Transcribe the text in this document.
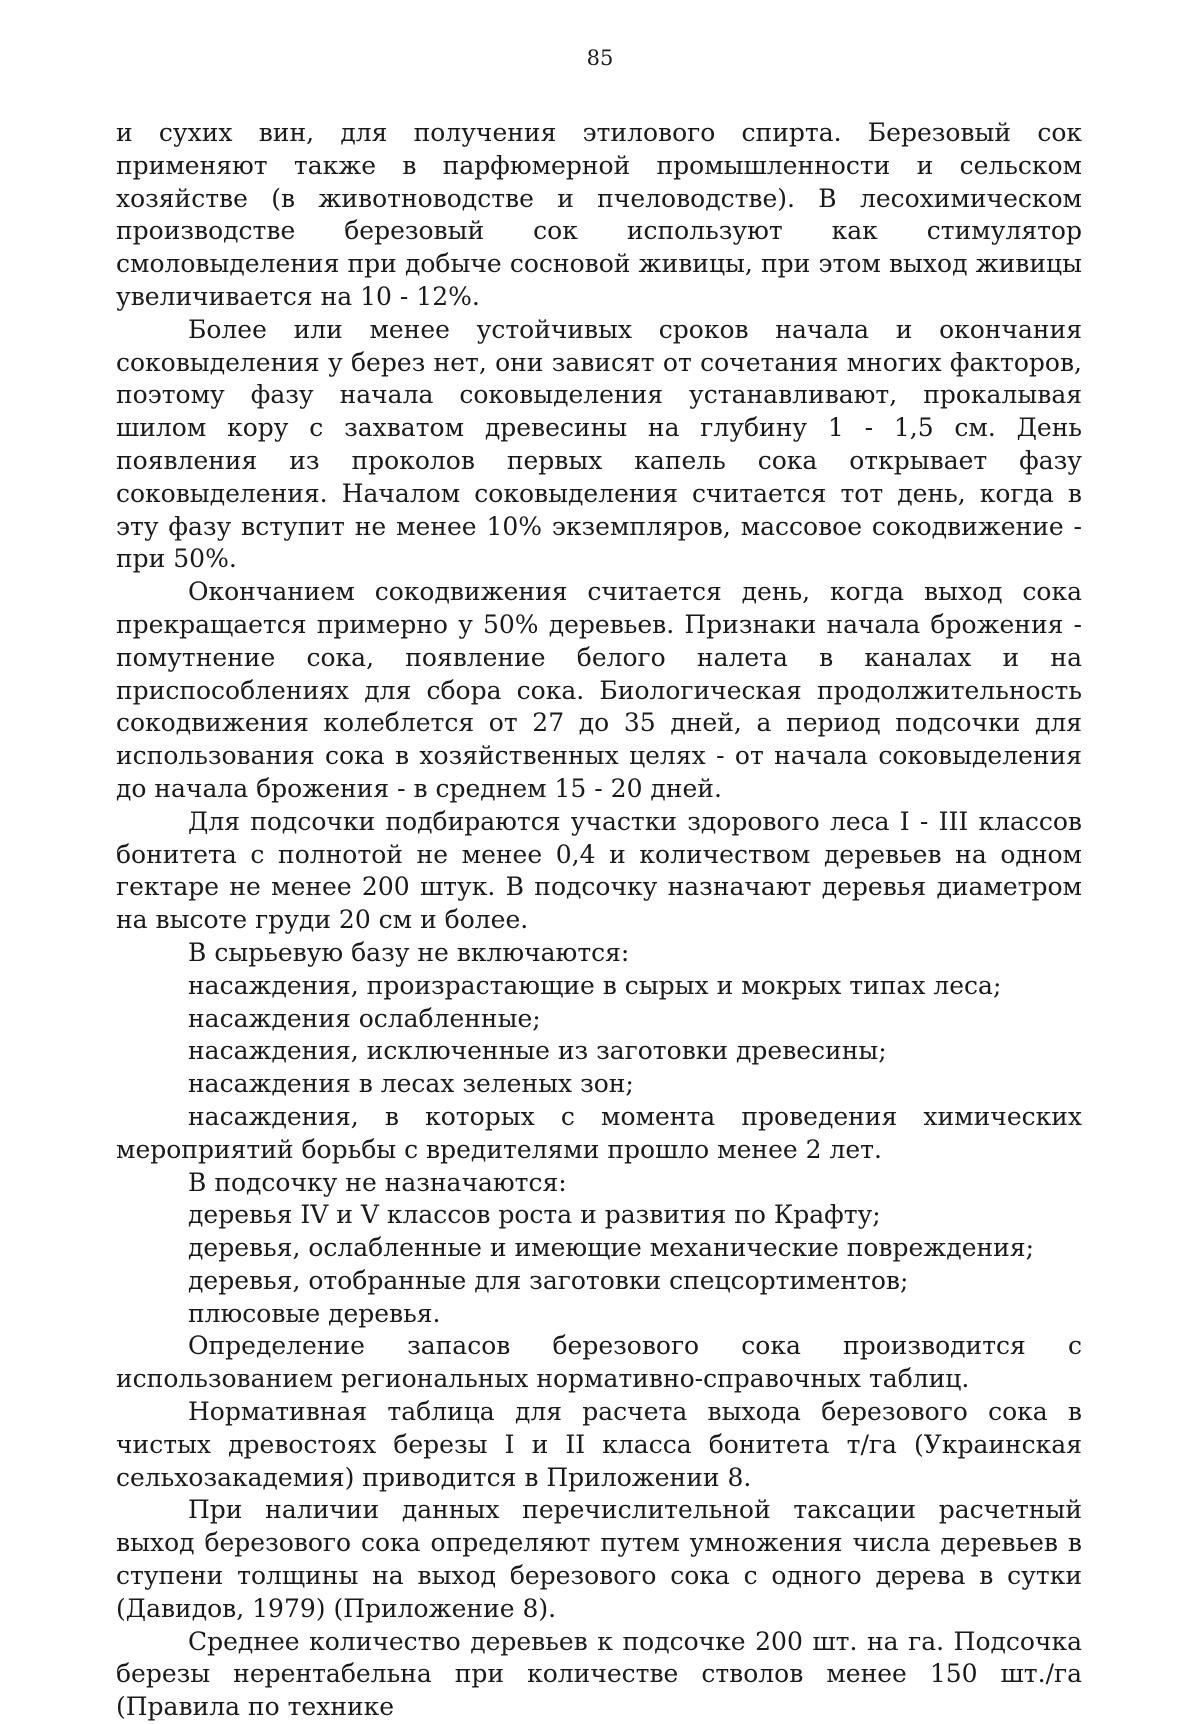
85

и сухих вин, для получения этилового спирта. Березовый сок применяют также в парфюмерной промышленности и сельском хозяйстве (в животноводстве и пчеловодстве). В лесохимическом производстве березовый сок используют как стимулятор смоловыделения при добыче сосновой живицы, при этом выход живицы увеличивается на 10 - 12%.

Более или менее устойчивых сроков начала и окончания соковыделения у берез нет, они зависят от сочетания многих факторов, поэтому фазу начала соковыделения устанавливают, прокалывая шилом кору с захватом древесины на глубину 1 - 1,5 см. День появления из проколов первых капель сока открывает фазу соковыделения. Началом соковыделения считается тот день, когда в эту фазу вступит не менее 10% экземпляров, массовое сокодвижение - при 50%.

Окончанием сокодвижения считается день, когда выход сока прекращается примерно у 50% деревьев. Признаки начала брожения - помутнение сока, появление белого налета в каналах и на приспособлениях для сбора сока. Биологическая продолжительность сокодвижения колеблется от 27 до 35 дней, а период подсочки для использования сока в хозяйственных целях - от начала соковыделения до начала брожения - в среднем 15 - 20 дней.

Для подсочки подбираются участки здорового леса I - III классов бонитета с полнотой не менее 0,4 и количеством деревьев на одном гектаре не менее 200 штук. В подсочку назначают деревья диаметром на высоте груди 20 см и более.

В сырьевую базу не включаются:

насаждения, произрастающие в сырых и мокрых типах леса;

насаждения ослабленные;

насаждения, исключенные из заготовки древесины;

насаждения в лесах зеленых зон;

насаждения, в которых с момента проведения химических мероприятий борьбы с вредителями прошло менее 2 лет.

В подсочку не назначаются:

деревья IV и V классов роста и развития по Крафту;

деревья, ослабленные и имеющие механические повреждения;

деревья, отобранные для заготовки спецсортиментов;

плюсовые деревья.

Определение запасов березового сока производится с использованием региональных нормативно-справочных таблиц.

Нормативная таблица для расчета выхода березового сока в чистых древостоях березы I и II класса бонитета т/га (Украинская сельхозакадемия) приводится в Приложении 8.

При наличии данных перечислительной таксации расчетный выход березового сока определяют путем умножения числа деревьев в ступени толщины на выход березового сока с одного дерева в сутки (Давидов, 1979) (Приложение 8).

Среднее количество деревьев к подсочке 200 шт. на га. Подсочка березы нерентабельна при количестве стволов менее 150 шт./га (Правила по технике
